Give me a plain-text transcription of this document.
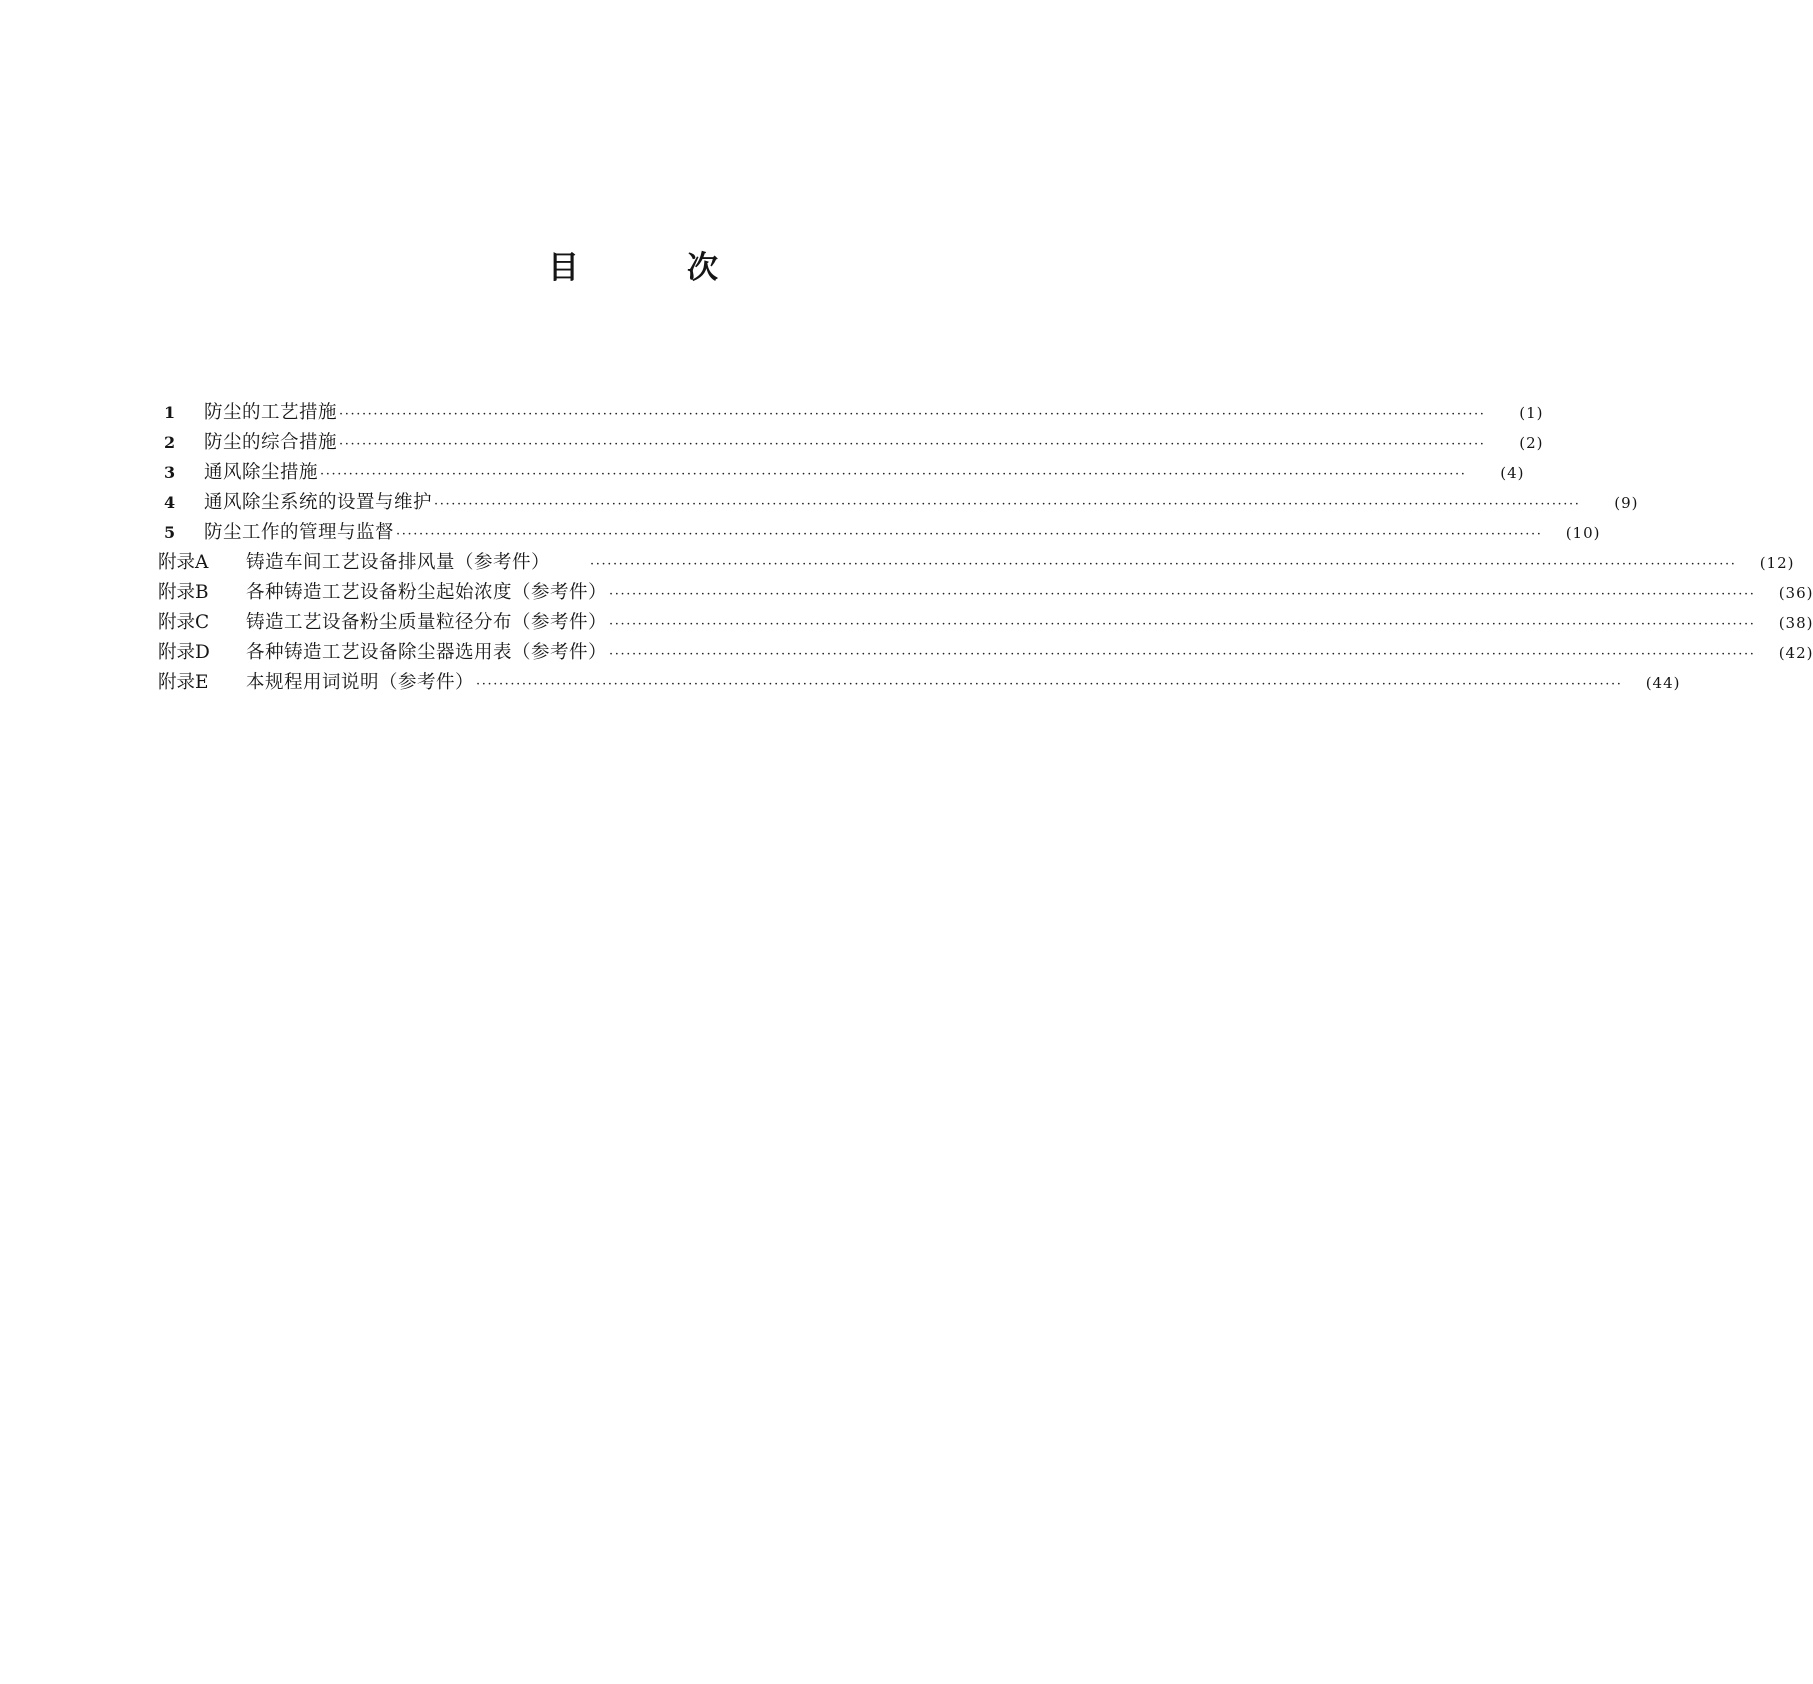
目	次
1	防尘的工艺措施 ········································································································································································································	(1)
2	防尘的综合措施 ········································································································································································································	(2)
3	通风除尘措施 ········································································································································································································	(4)
4	通风除尘系统的设置与维护 ········································································································································································································	(9)
5	防尘工作的管理与监督 ········································································································································································································	(10)
附录A	铸造车间工艺设备排风量（参考件）	········································································································································································································	(12)
附录B	各种铸造工艺设备粉尘起始浓度（参考件） ········································································································································································································	(36)
附录C	铸造工艺设备粉尘质量粒径分布（参考件） ········································································································································································································	(38)
附录D	各种铸造工艺设备除尘器选用表（参考件） ········································································································································································································	(42)
附录E	本规程用词说明（参考件） ········································································································································································································	(44)
